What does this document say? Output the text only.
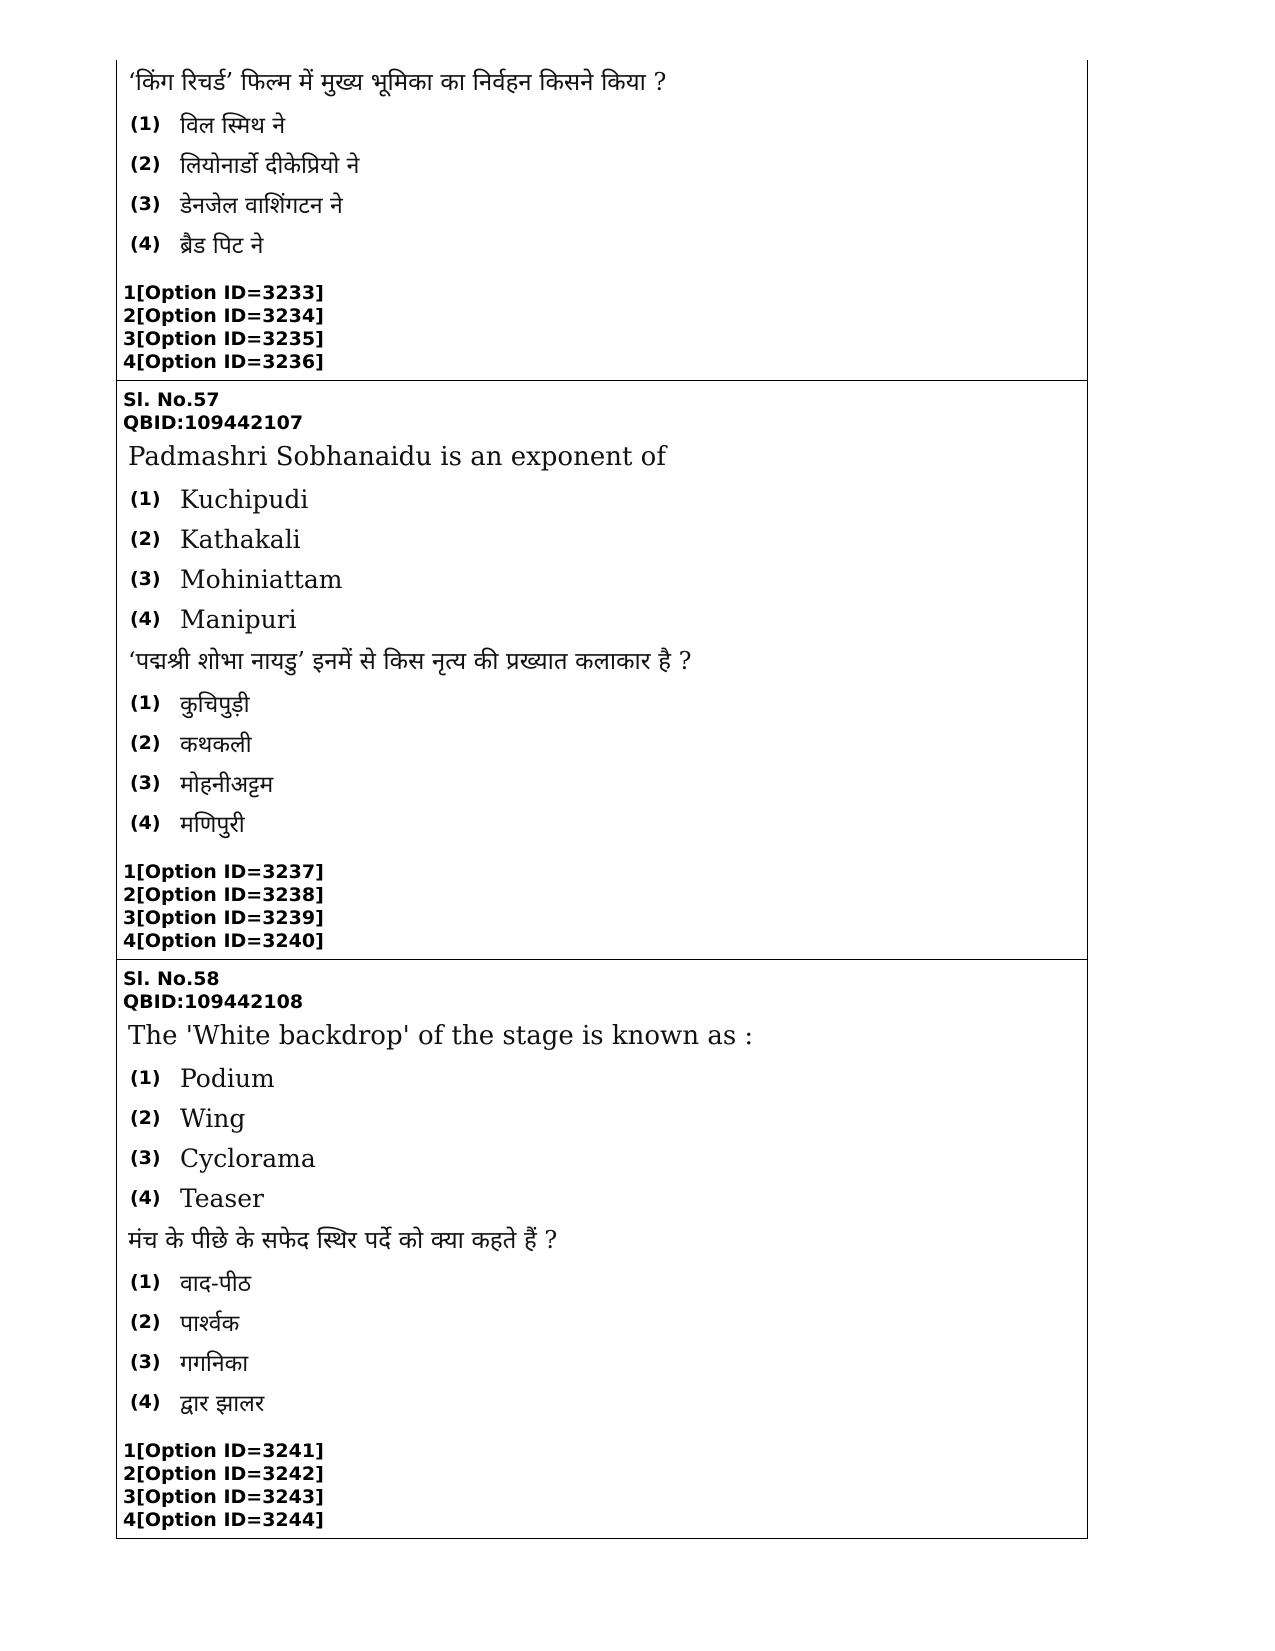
‘किंग रिचर्ड’ फिल्म में मुख्य भूमिका का निर्वहन किसने किया ?
(1) विल स्मिथ ने
(2) लियोनार्डो दीकेप्रियो ने
(3) डेनजेल वाशिंगटन ने
(4) ब्रैड पिट ने
1[Option ID=3233]
2[Option ID=3234]
3[Option ID=3235]
4[Option ID=3236]
Sl. No.57
QBID:109442107
Padmashri Sobhanaidu is an exponent of
(1) Kuchipudi
(2) Kathakali
(3) Mohiniattam
(4) Manipuri
‘पद्मश्री शोभा नायडु’ इनमें से किस नृत्य की प्रख्यात कलाकार है ?
(1) कुचिपुड़ी
(2) कथकली
(3) मोहनीअट्टम
(4) मणिपुरी
1[Option ID=3237]
2[Option ID=3238]
3[Option ID=3239]
4[Option ID=3240]
Sl. No.58
QBID:109442108
The 'White backdrop' of the stage is known as :
(1) Podium
(2) Wing
(3) Cyclorama
(4) Teaser
मंच के पीछे के सफेद स्थिर पर्दे को क्या कहते हैं ?
(1) वाद-पीठ
(2) पार्श्वक
(3) गगनिका
(4) द्वार झालर
1[Option ID=3241]
2[Option ID=3242]
3[Option ID=3243]
4[Option ID=3244]
